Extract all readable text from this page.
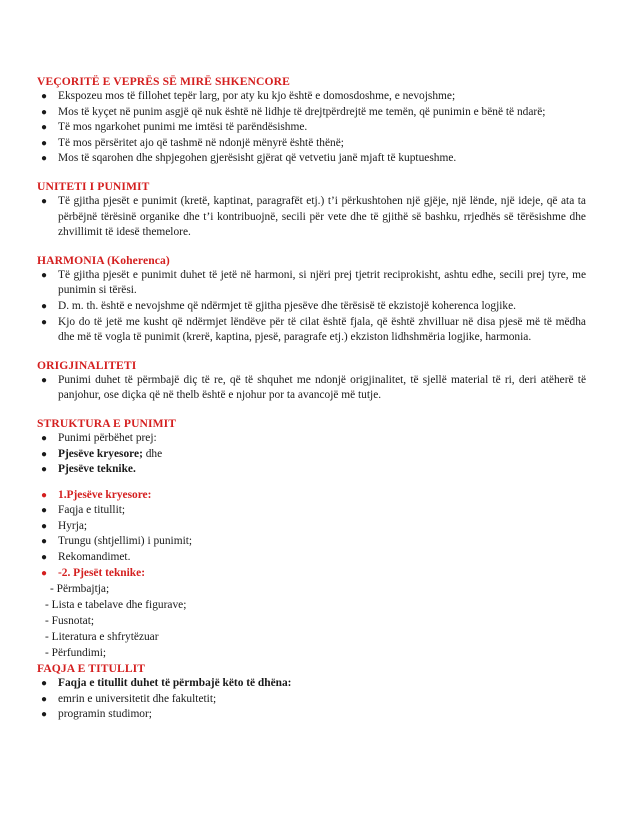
VEÇORITË E VEPRËS SË MIRË SHKENCORE
● Ekspozeu mos të fillohet tepër larg, por aty ku kjo është e domosdoshme, e nevojshme;
● Mos të kyçet në punim asgjë që nuk është në lidhje të drejtpërdrejtë me temën, që punimin e bënë të ndarë;
● Të mos ngarkohet punimi me imtësi të parëndësishme.
● Të mos përsëritet ajo që tashmë në ndonjë mënyrë është thënë;
● Mos të sqarohen dhe shpjegohen gjerësisht gjërat që vetvetiu janë mjaft të kuptueshme.
UNITETI I PUNIMIT
● Të gjitha pjesët e punimit (kretë, kaptinat, paragrafët etj.) t’i përkushtohen një gjëje, një lënde, një ideje, që ata ta përbëjnë tërësinë organike dhe t’i kontribuojnë, secili për vete dhe të gjithë së bashku, rrjedhës së tërësishme dhe zhvillimit të idesë themelore.
HARMONIA (Koherenca)
● Të gjitha pjesët e punimit duhet të jetë në harmoni, si njëri prej tjetrit reciprokisht, ashtu edhe, secili prej tyre, me punimin si tërësi.
● D. m. th. është e nevojshme që ndërmjet të gjitha pjesëve dhe tërësisë të ekzistojë koherenca logjike.
● Kjo do të jetë me kusht që ndërmjet lëndëve për të cilat është fjala, që është zhvilluar në disa pjesë më të mëdha dhe më të vogla të punimit (krerë, kaptina, pjesë, paragrafe etj.) ekziston lidhshmëria logjike, harmonia.
ORIGJINALITETI
● Punimi duhet të përmbajë diç të re, që të shquhet me ndonjë origjinalitet, të sjellë material të ri, deri atëherë të panjohur, ose diçka që në thelb është e njohur por ta avancojë më tutje.
STRUKTURA E PUNIMIT
● Punimi përbëhet prej:
● Pjesëve kryesore; dhe
● Pjesëve teknike.
● 1.Pjesëve kryesore:
● Faqja e titullit;
● Hyrja;
● Trungu (shtjellimi) i punimit;
● Rekomandimet.
● -2. Pjesët teknike:
- Përmbajtja;
- Lista e tabelave dhe figurave;
- Fusnotat;
- Literatura e shfrytëzuar
- Përfundimi;
FAQJA E TITULLIT
● Faqja e titullit duhet të përmbajë këto të dhëna:
● emrin e universitetit dhe fakultetit;
● programin studimor;
